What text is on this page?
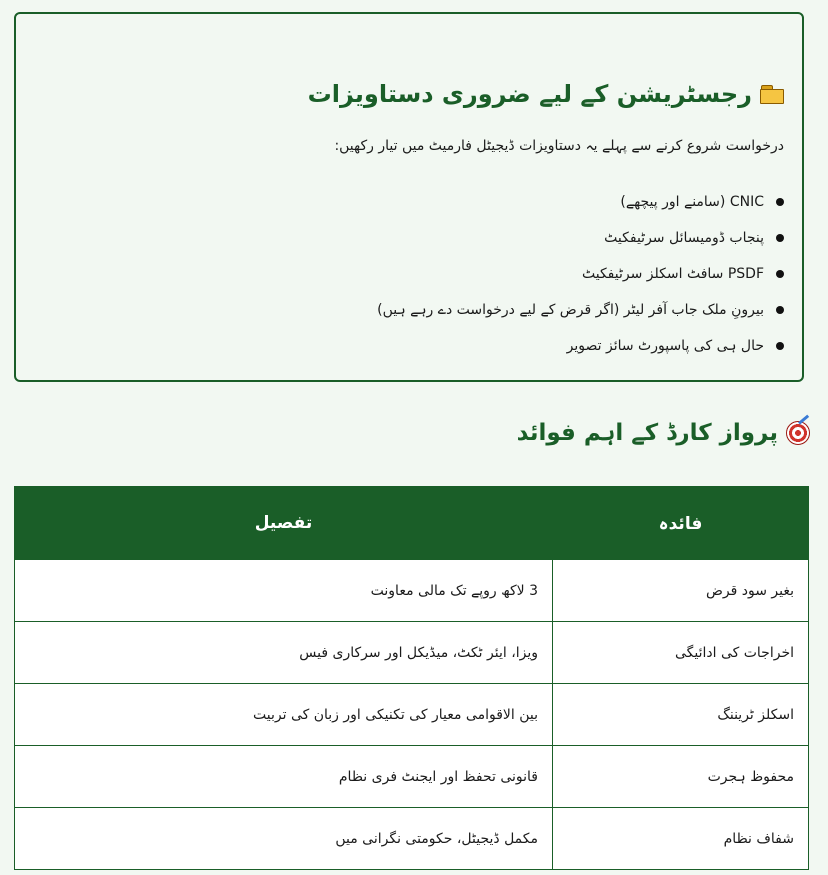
رجسٹریشن کے لیے ضروری دستاویزات

درخواست شروع کرنے سے پہلے یہ دستاویزات ڈیجیٹل فارمیٹ میں تیار رکھیں:

CNIC (سامنے اور پیچھے)
پنجاب ڈومیسائل سرٹیفکیٹ
PSDF سافٹ اسکلز سرٹیفکیٹ
بیرونِ ملک جاب آفر لیٹر (اگر قرض کے لیے درخواست دے رہے ہیں)
حال ہی کی پاسپورٹ سائز تصویر
پرواز کارڈ کے اہم فوائد
فائدہ	تفصیل
بغیر سود قرض	3 لاکھ روپے تک مالی معاونت
اخراجات کی ادائیگی	ویزا، ایئر ٹکٹ، میڈیکل اور سرکاری فیس
اسکلز ٹریننگ	بین الاقوامی معیار کی تکنیکی اور زبان کی تربیت
محفوظ ہجرت	قانونی تحفظ اور ایجنٹ فری نظام
شفاف نظام	مکمل ڈیجیٹل، حکومتی نگرانی میں
